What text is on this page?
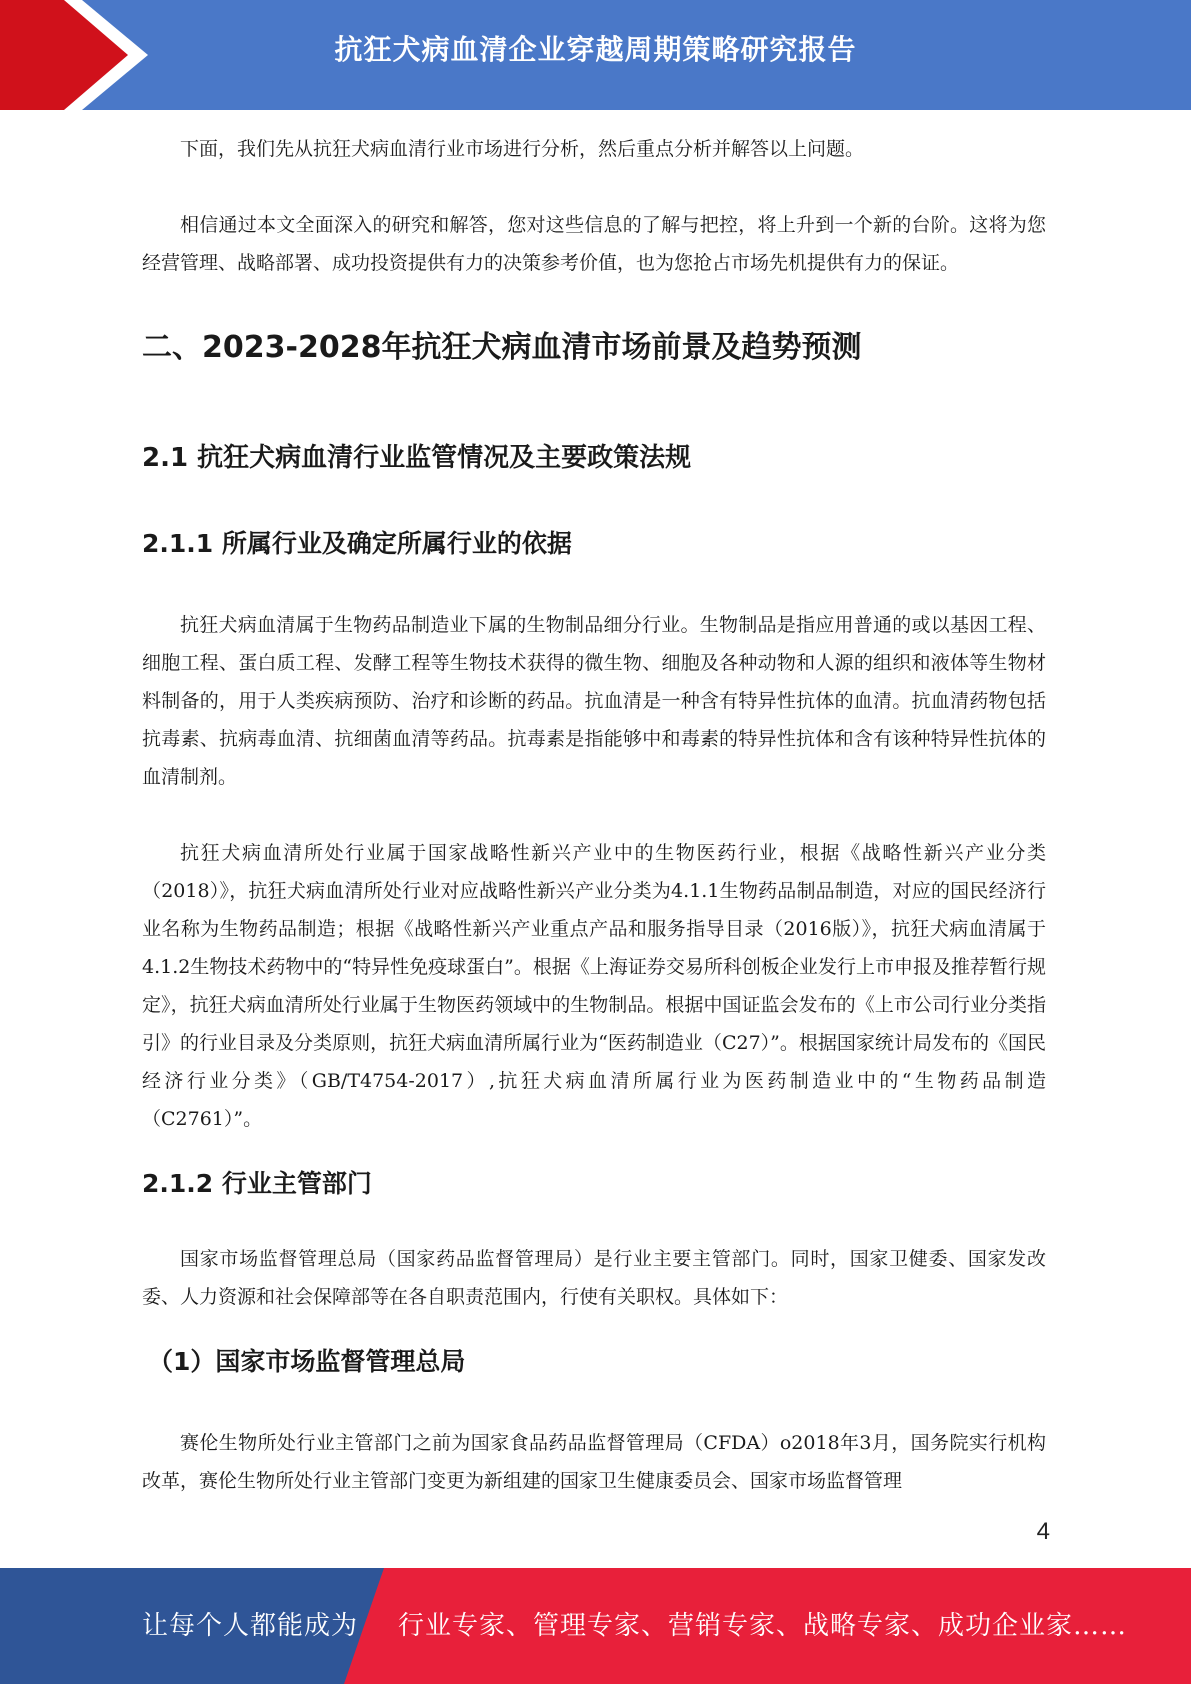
抗狂犬病血清企业穿越周期策略研究报告

下面，我们先从抗狂犬病血清行业市场进行分析，然后重点分析并解答以上问题。

相信通过本文全面深入的研究和解答，您对这些信息的了解与把控，将上升到一个新的台阶。这将为您经营管理、战略部署、成功投资提供有力的决策参考价值，也为您抢占市场先机提供有力的保证。

二、2023-2028年抗狂犬病血清市场前景及趋势预测
2.1 抗狂犬病血清行业监管情况及主要政策法规
2.1.1 所属行业及确定所属行业的依据

抗狂犬病血清属于生物药品制造业下属的生物制品细分行业。生物制品是指应用普通的或以基因工程、细胞工程、蛋白质工程、发酵工程等生物技术获得的微生物、细胞及各种动物和人源的组织和液体等生物材料制备的，用于人类疾病预防、治疗和诊断的药品。抗血清是一种含有特异性抗体的血清。抗血清药物包括抗毒素、抗病毒血清、抗细菌血清等药品。抗毒素是指能够中和毒素的特异性抗体和含有该种特异性抗体的血清制剂。

抗狂犬病血清所处行业属于国家战略性新兴产业中的生物医药行业，根据《战略性新兴产业分类（2018）》，抗狂犬病血清所处行业对应战略性新兴产业分类为4.1.1生物药品制品制造，对应的国民经济行业名称为生物药品制造；根据《战略性新兴产业重点产品和服务指导目录（2016版）》，抗狂犬病血清属于4.1.2生物技术药物中的“特异性免疫球蛋白”。根据《上海证券交易所科创板企业发行上市申报及推荐暂行规定》，抗狂犬病血清所处行业属于生物医药领域中的生物制品。根据中国证监会发布的《上市公司行业分类指引》的行业目录及分类原则，抗狂犬病血清所属行业为“医药制造业（C27）”。根据国家统计局发布的《国民经济行业分类》（GB/T4754-2017）,抗狂犬病血清所属行业为医药制造业中的“生物药品制造（C2761）”。

2.1.2 行业主管部门

国家市场监督管理总局（国家药品监督管理局）是行业主要主管部门。同时，国家卫健委、国家发改委、人力资源和社会保障部等在各自职责范围内，行使有关职权。具体如下：

（1）国家市场监督管理总局

赛伦生物所处行业主管部门之前为国家食品药品监督管理局（CFDA）o2018年3月，国务院实行机构改革，赛伦生物所处行业主管部门变更为新组建的国家卫生健康委员会、国家市场监督管理

4
让每个人都能成为 行业专家、管理专家、营销专家、战略专家、成功企业家……
